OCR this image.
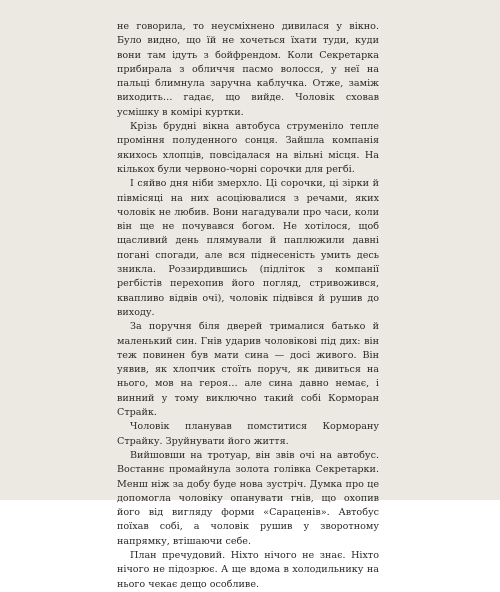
не говорила, то неусміхнено дивилася у вікно. Було видно, що їй не хочеться їхати туди, куди вони там ідуть з бойфрендом. Коли Секретарка прибирала з обличчя пасмо волосся, у неї на пальці блимнула заручна каблучка. Отже, заміж виходить… гадає, що вийде. Чоловік сховав усмішку в комірі куртки.

Крізь брудні вікна автобуса струменіло тепле проміння полуденного сонця. Зайшла компанія якихось хлопців, повсідалася на вільні місця. На кількох були червоно-чорні сорочки для регбі.

І сяйво дня ніби змерхло. Ці сорочки, ці зірки й півмісяці на них асоціювалися з речами, яких чоловік не любив. Вони нагадували про часи, коли він ще не почувався богом. Не хотілося, щоб щасливий день плямували й паплюжили давні погані спогади, але вся піднесеність умить десь зникла. Роззирдившись (підліток з компанії регбістів перехопив його погляд, стривожився, квапливо відвів очі), чоловік підвівся й рушив до виходу.

За поручня біля дверей трималися батько й маленький син. Гнів ударив чоловікові під дих: він теж повинен був мати сина — досі живого. Він уявив, як хлопчик стоїть поруч, як дивиться на нього, мов на героя… але сина давно немає, і винний у тому виключно такий собі Корморан Страйк.

Чоловік планував помститися Корморану Страйку. Зруйнувати його життя.

Вийшовши на тротуар, він звів очі на автобус. Востаннє промайнула золота голівка Секретарки. Менш ніж за добу буде нова зустріч. Думка про це допомогла чоловіку опанувати гнів, що охопив його від вигляду форми «Сараценів». Автобус поїхав собі, а чоловік рушив у зворотному напрямку, втішаючи себе.

План пречудовий. Ніхто нічого не знає. Ніхто нічого не підозрює. А ще вдома в холодильнику на нього чекає дещо особливе.
